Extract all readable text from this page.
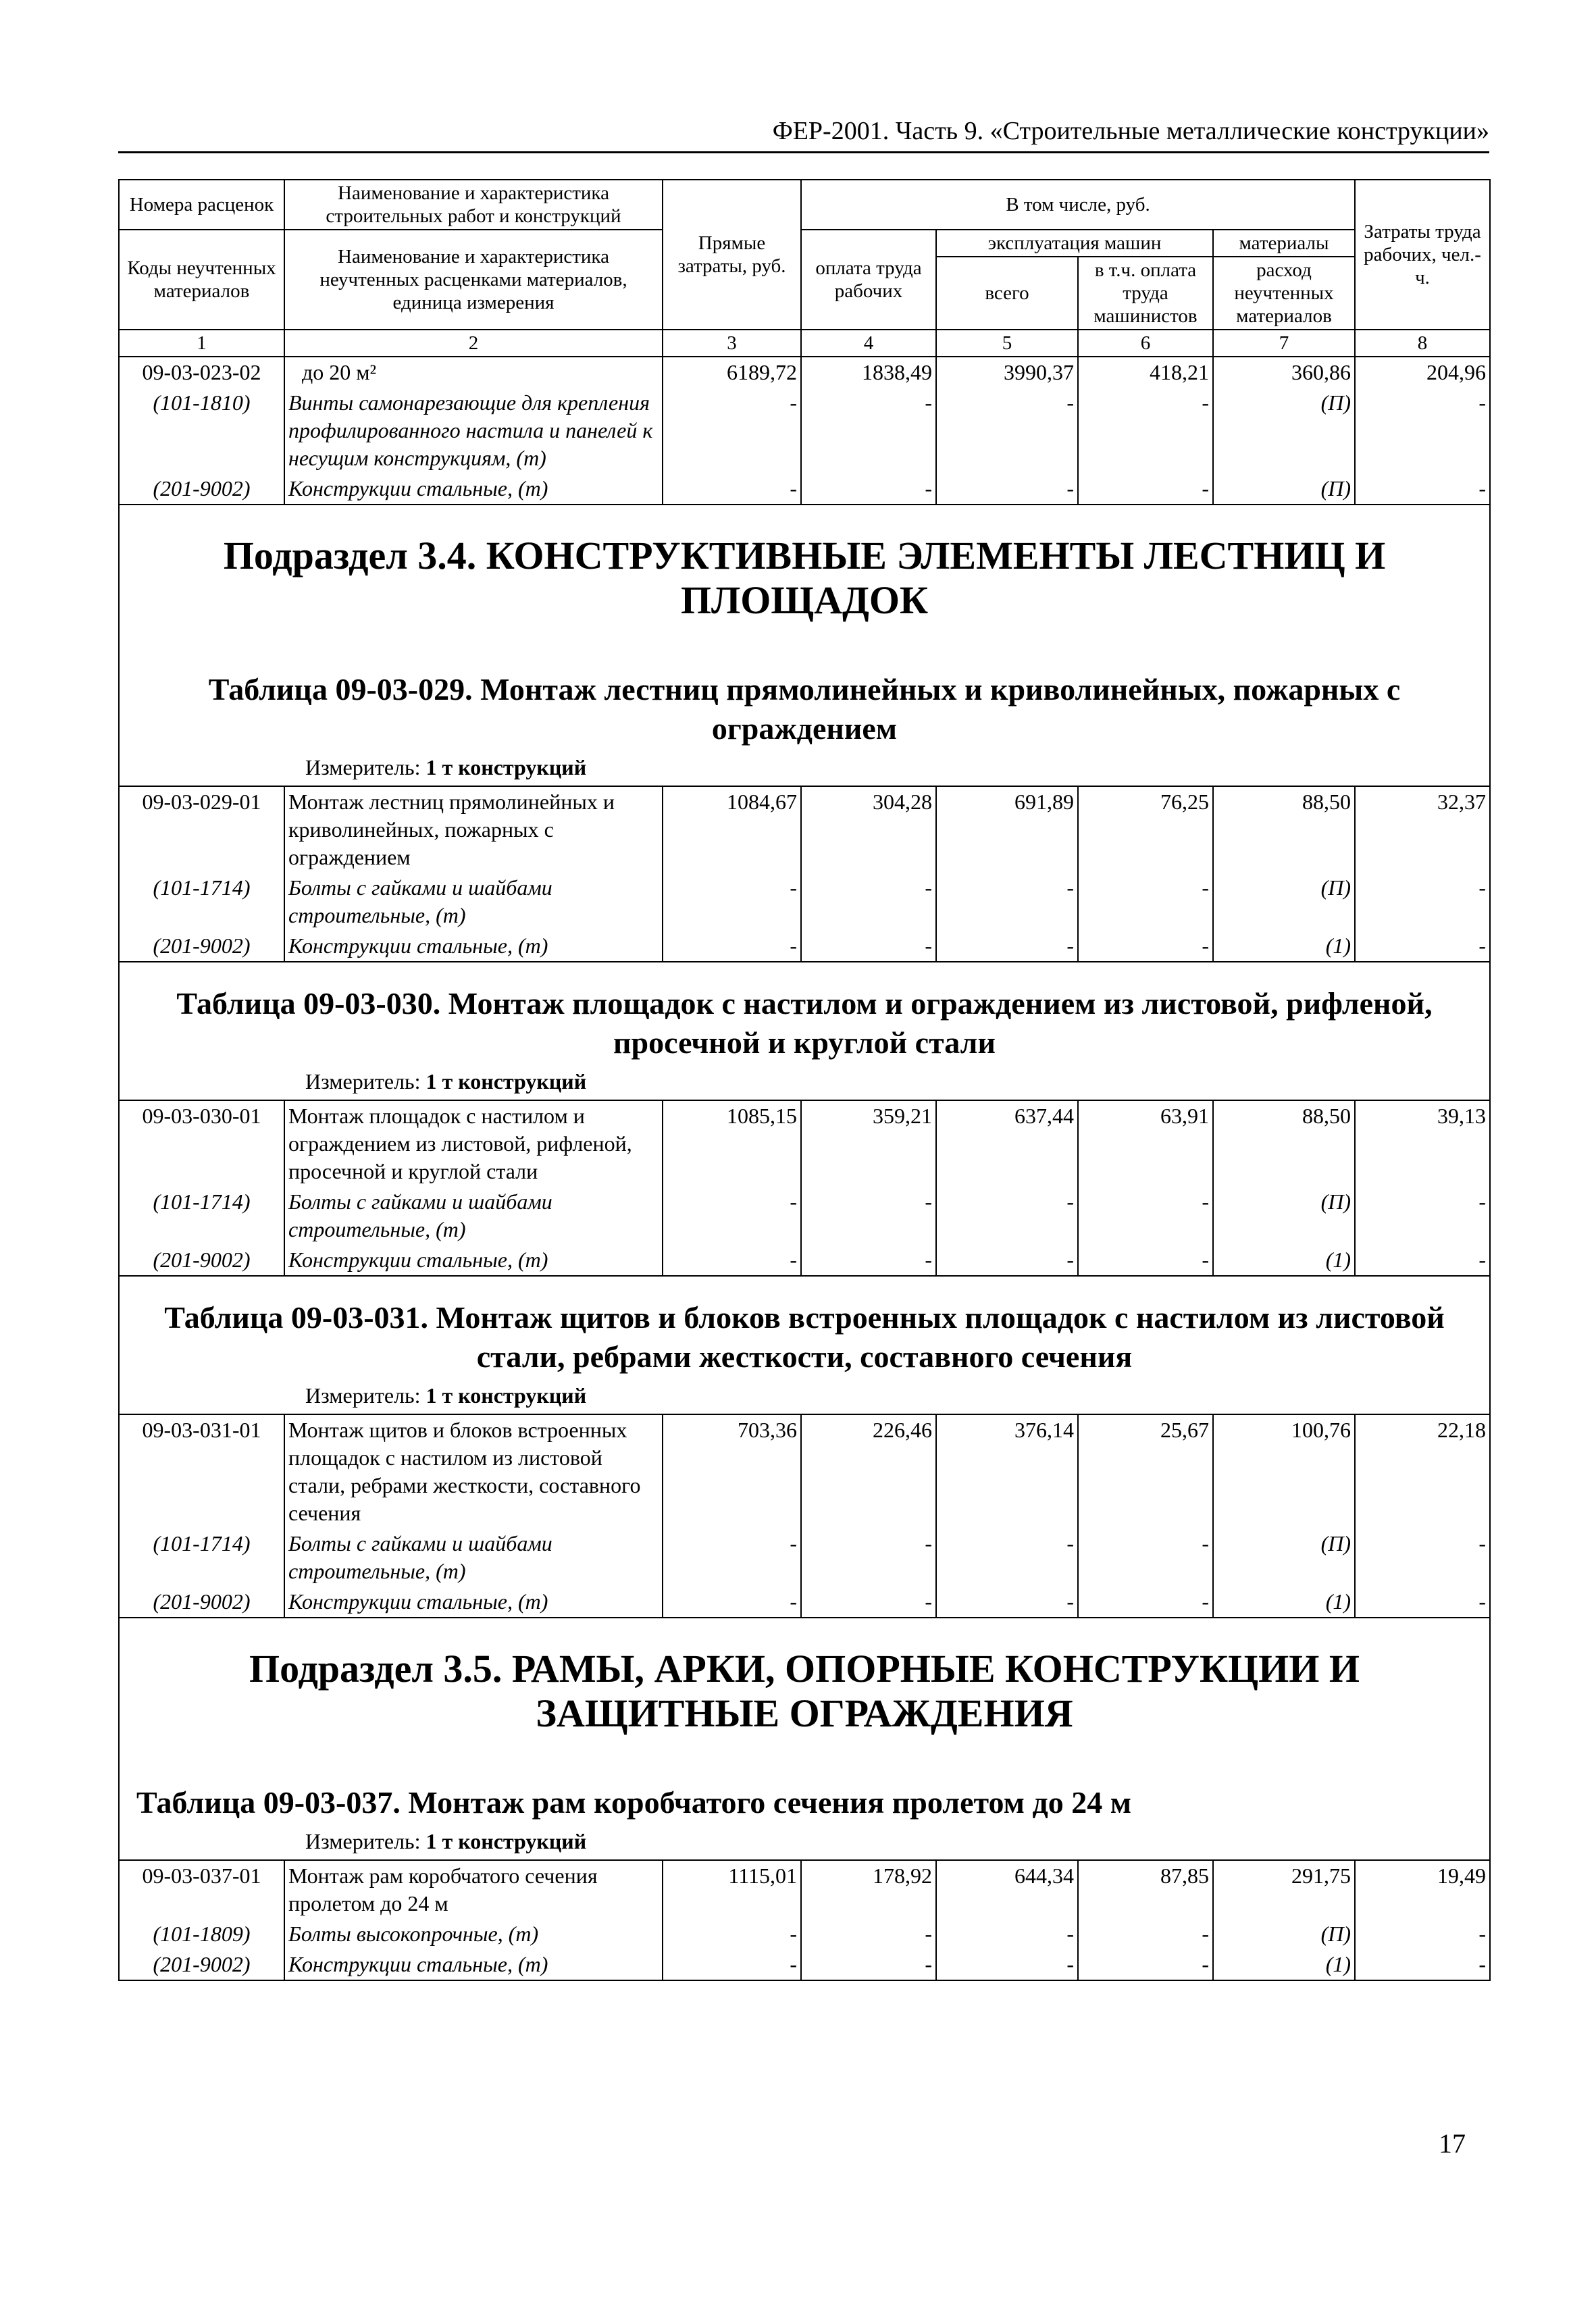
ФЕР-2001. Часть 9. «Строительные металлические конструкции»
Номера расценок	Наименование и характеристика строительных работ и конструкций	Прямые затраты, руб.	В том числе, руб.				Затраты труда рабочих, чел.-ч.
Коды неучтенных материалов	Наименование и характеристика неучтенных расценками материалов, единица измерения		оплата труда рабочих	эксплуатация машин		материалы	
				всего	в т.ч. оплата труда машинистов	расход неучтенных материалов	
1	2	3	4	5	6	7	8
09-03-023-02	до 20 м²	6189,72	1838,49	3990,37	418,21	360,86	204,96
(101-1810)	Винты самонарезающие для крепления профилированного настила и панелей к несущим конструкциям, (т)	-	-	-	-	(П)	-
(201-9002)	Конструкции стальные, (т)	-	-	-	-	(П)	-

Подраздел 3.4. КОНСТРУКТИВНЫЕ ЭЛЕМЕНТЫ ЛЕСТНИЦ И ПЛОЩАДОК
Таблица 09-03-029. Монтаж лестниц прямолинейных и криволинейных, пожарных с ограждением
Измеритель: 1 т конструкций							

09-03-029-01	Монтаж лестниц прямолинейных и криволинейных, пожарных с ограждением	1084,67	304,28	691,89	76,25	88,50	32,37
(101-1714)	Болты с гайками и шайбами строительные, (т)	-	-	-	-	(П)	-
(201-9002)	Конструкции стальные, (т)	-	-	-	-	(1)	-

Таблица 09-03-030. Монтаж площадок с настилом и ограждением из листовой, рифленой, просечной и круглой стали
Измеритель: 1 т конструкций							

09-03-030-01	Монтаж площадок с настилом и ограждением из листовой, рифленой, просечной и круглой стали	1085,15	359,21	637,44	63,91	88,50	39,13
(101-1714)	Болты с гайками и шайбами строительные, (т)	-	-	-	-	(П)	-
(201-9002)	Конструкции стальные, (т)	-	-	-	-	(1)	-

Таблица 09-03-031. Монтаж щитов и блоков встроенных площадок с настилом из листовой стали, ребрами жесткости, составного сечения
Измеритель: 1 т конструкций							

09-03-031-01	Монтаж щитов и блоков встроенных площадок с настилом из листовой стали, ребрами жесткости, составного сечения	703,36	226,46	376,14	25,67	100,76	22,18
(101-1714)	Болты с гайками и шайбами строительные, (т)	-	-	-	-	(П)	-
(201-9002)	Конструкции стальные, (т)	-	-	-	-	(1)	-

Подраздел 3.5. РАМЫ, АРКИ, ОПОРНЫЕ КОНСТРУКЦИИ И ЗАЩИТНЫЕ ОГРАЖДЕНИЯ
Таблица 09-03-037. Монтаж рам коробчатого сечения пролетом до 24 м
Измеритель: 1 т конструкций							

09-03-037-01	Монтаж рам коробчатого сечения пролетом до 24 м	1115,01	178,92	644,34	87,85	291,75	19,49
(101-1809)	Болты высокопрочные, (т)	-	-	-	-	(П)	-
(201-9002)	Конструкции стальные, (т)	-	-	-	-	(1)	-
17
